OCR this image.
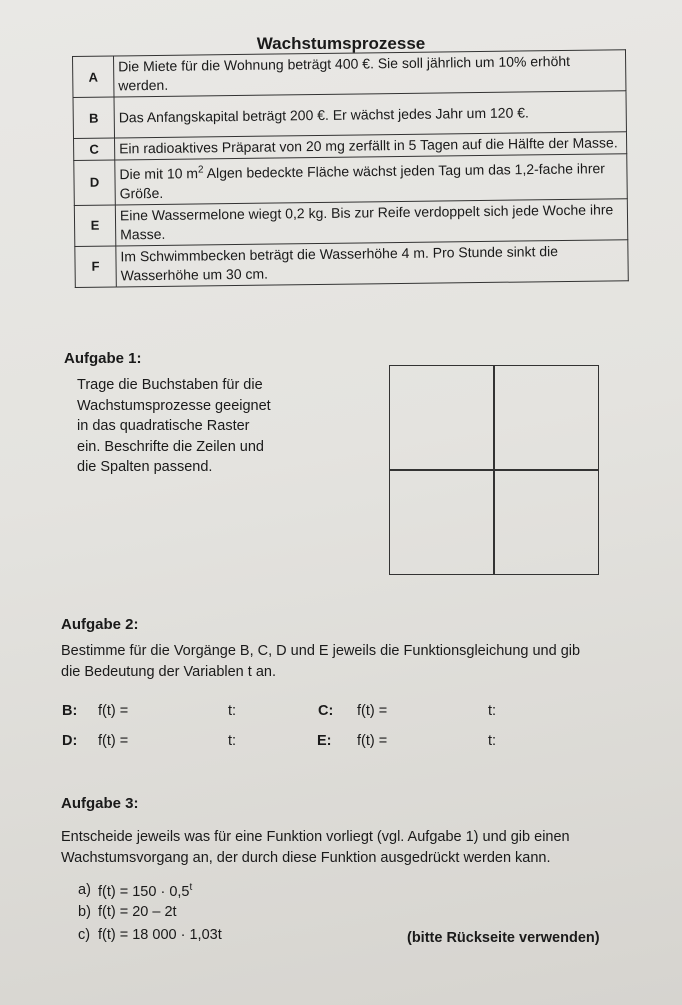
Wachstumsprozesse
A	Die Miete für die Wohnung beträgt 400 €. Sie soll jährlich um 10% erhöht werden.
B	Das Anfangskapital beträgt 200 €. Er wächst jedes Jahr um 120 €.
C	Ein radioaktives Präparat von 20 mg zerfällt in 5 Tagen auf die Hälfte der Masse.
D	Die mit 10 $m^2$ Algen bedeckte Fläche wächst jeden Tag um das 1,2-fache ihrer Größe.
E	Eine Wassermelone wiegt 0,2 kg. Bis zur Reife verdoppelt sich jede Woche ihre Masse.
F	Im Schwimmbecken beträgt die Wasserhöhe 4 m. Pro Stunde sinkt die Wasserhöhe um 30 cm.
Aufgabe 1:
Trage die Buchstaben für die
Wachstumsprozesse geeignet
in das quadratische Raster
ein. Beschrifte die Zeilen und
die Spalten passend.
Aufgabe 2:
Bestimme für die Vorgänge B, C, D und E jeweils die Funktionsgleichung und gib
die Bedeutung der Variablen t an.
B: f(t) =	t:	C: f(t) =	t:
D: f(t) =	t:	E: f(t) =	t:
Aufgabe 3:
Entscheide jeweils was für eine Funktion vorliegt (vgl. Aufgabe 1) und gib einen
Wachstumsvorgang an, der durch diese Funktion ausgedrückt werden kann.
a) $f(t) = 150 \cdot 0,5^t$
b) f(t) = 20 – 2t
c) f(t) = 18 000 · 1,03t	(bitte Rückseite verwenden)
